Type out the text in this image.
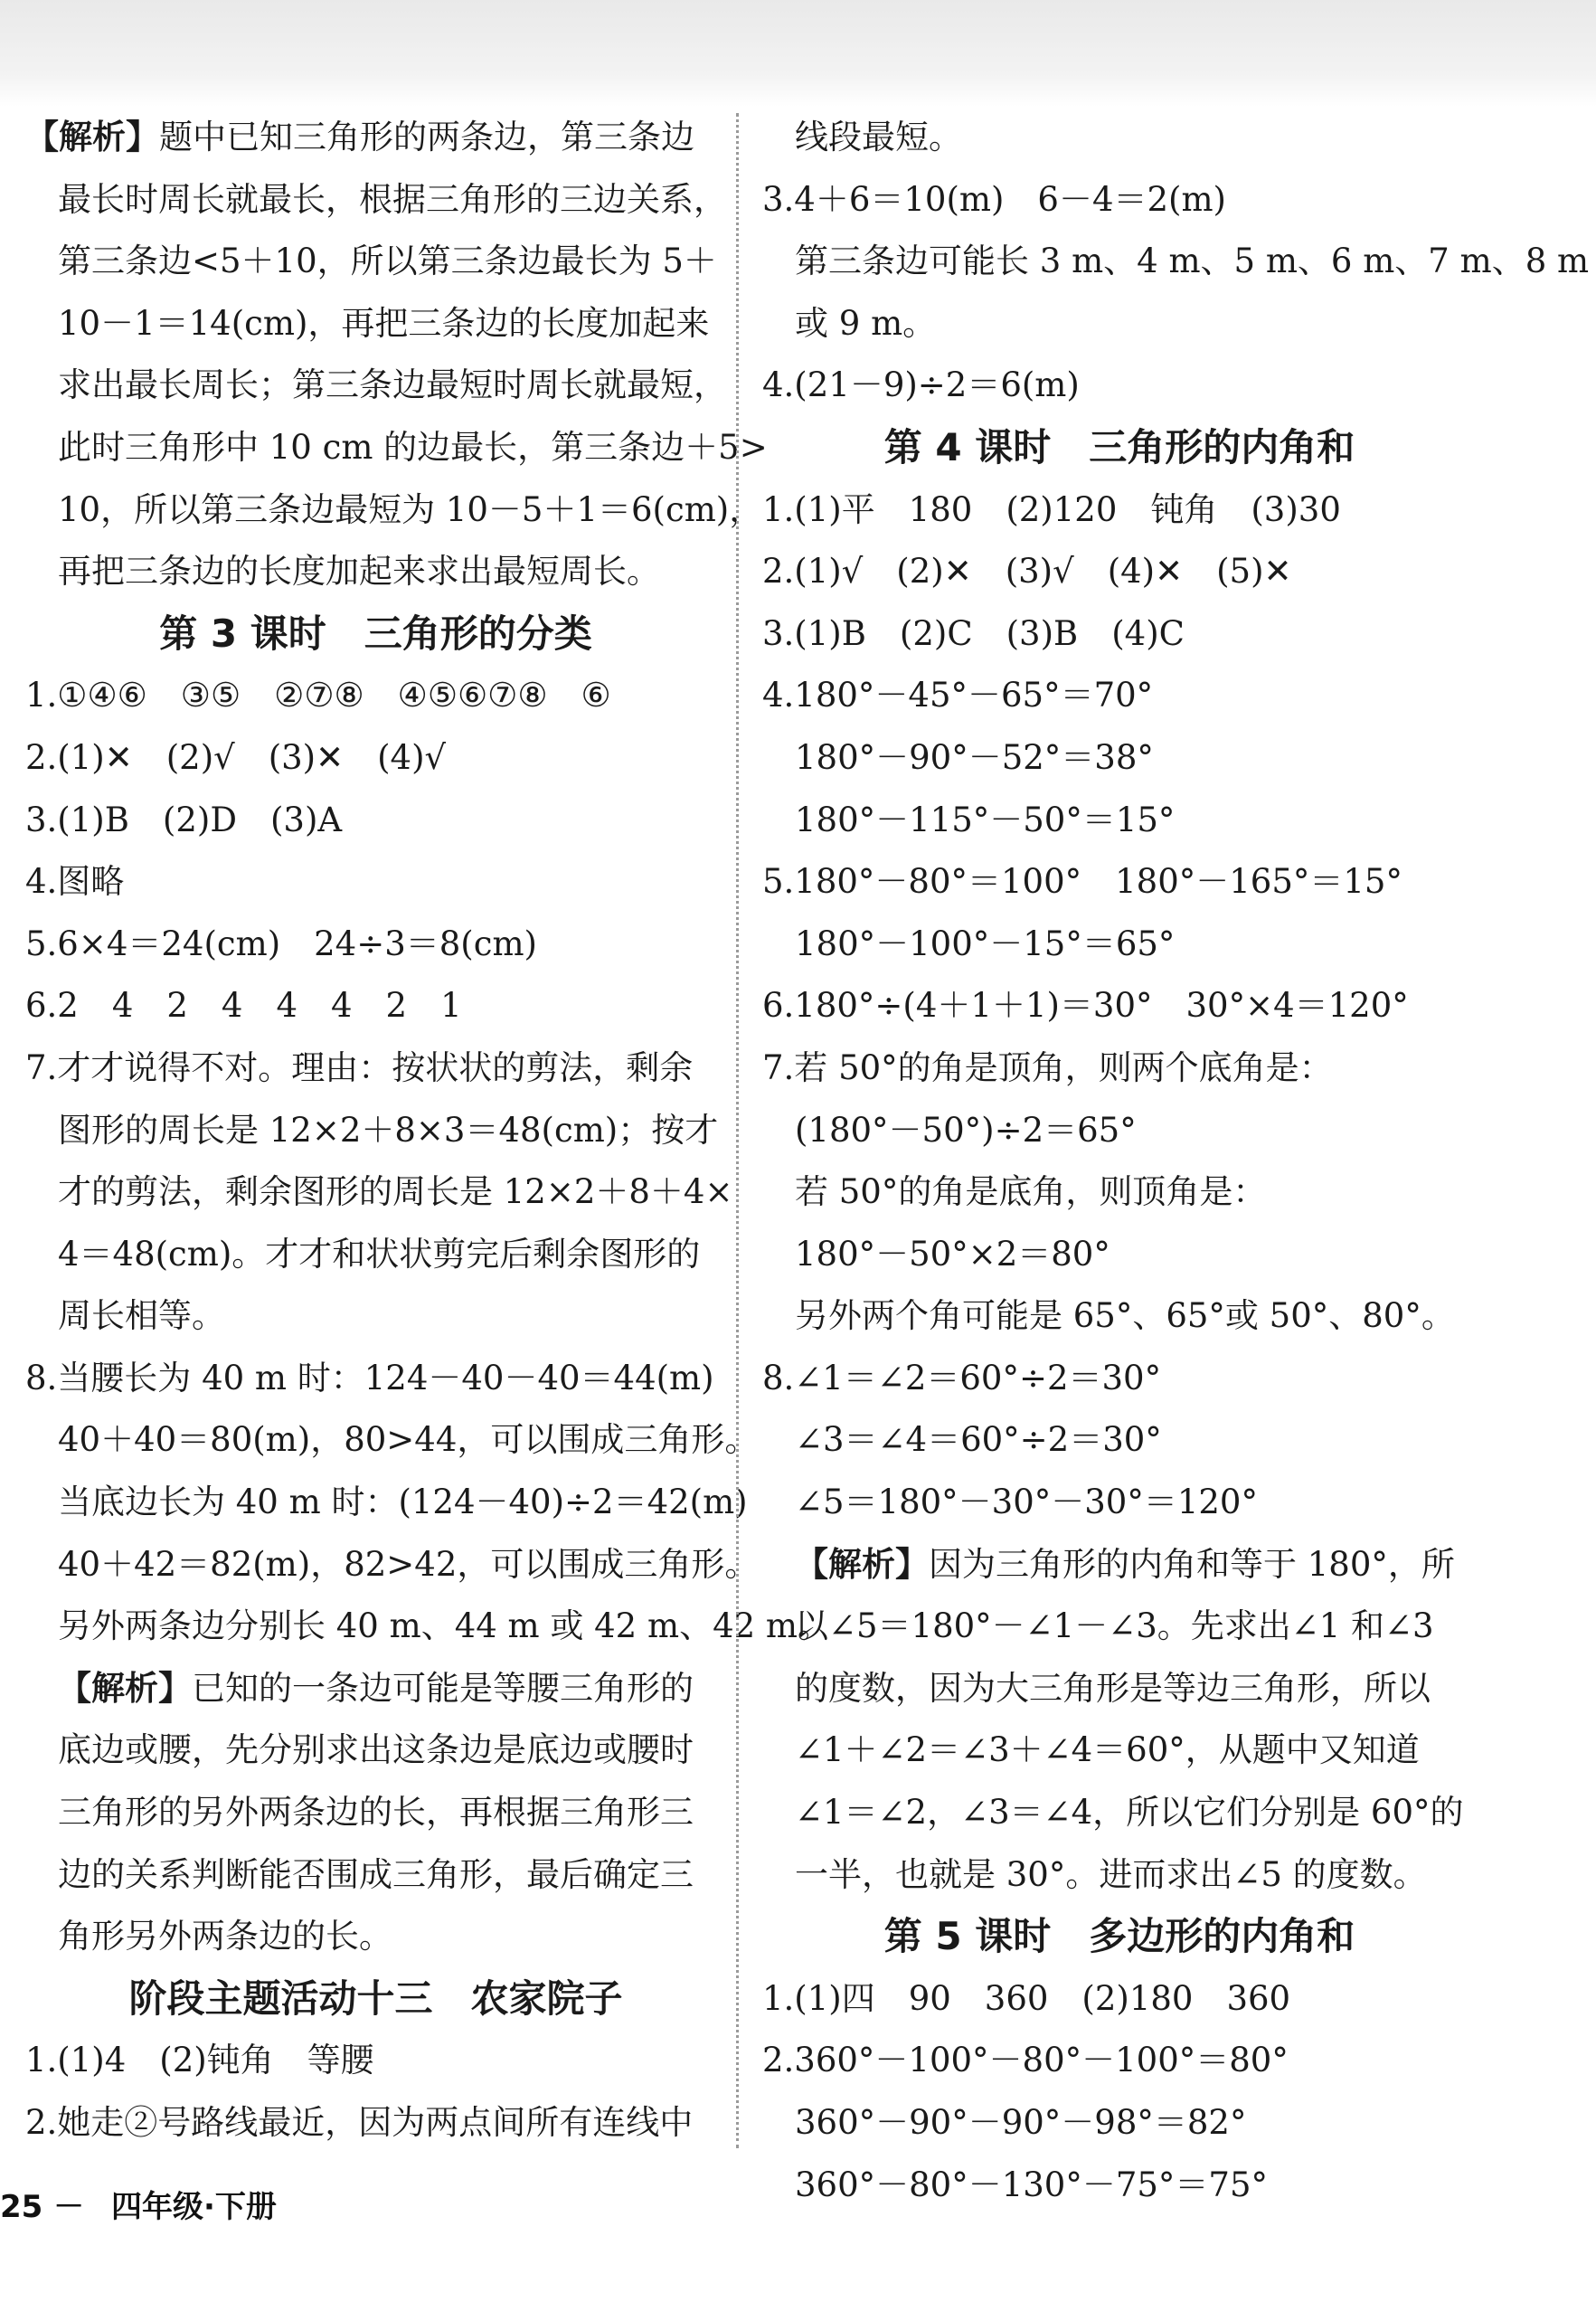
【解析】题中已知三角形的两条边，第三条边
最长时周长就最长，根据三角形的三边关系，
第三条边<5＋10，所以第三条边最长为 5＋
10－1＝14(cm)，再把三条边的长度加起来
求出最长周长；第三条边最短时周长就最短，
此时三角形中 10 cm 的边最长，第三条边＋5>
10，所以第三条边最短为 10－5＋1＝6(cm)，
再把三条边的长度加起来求出最短周长。
第 3 课时　三角形的分类
1.①④⑥　③⑤　②⑦⑧　④⑤⑥⑦⑧　⑥
2.(1)✕　(2)√　(3)✕　(4)√
3.(1)B　(2)D　(3)A
4.图略
5.6×4＝24(cm)　24÷3＝8(cm)
6.2　4　2　4　4　4　2　1
7.才才说得不对。理由：按状状的剪法，剩余
图形的周长是 12×2＋8×3＝48(cm)；按才
才的剪法，剩余图形的周长是 12×2＋8＋4×
4＝48(cm)。才才和状状剪完后剩余图形的
周长相等。
8.当腰长为 40 m 时：124－40－40＝44(m)
40＋40＝80(m)，80>44，可以围成三角形。
当底边长为 40 m 时：(124－40)÷2＝42(m)
40＋42＝82(m)，82>42，可以围成三角形。
另外两条边分别长 40 m、44 m 或 42 m、42 m。
【解析】已知的一条边可能是等腰三角形的
底边或腰，先分别求出这条边是底边或腰时
三角形的另外两条边的长，再根据三角形三
边的关系判断能否围成三角形，最后确定三
角形另外两条边的长。
阶段主题活动十三　农家院子
1.(1)4　(2)钝角　等腰
2.她走②号路线最近，因为两点间所有连线中
线段最短。
3.4＋6＝10(m)　6－4＝2(m)
第三条边可能长 3 m、4 m、5 m、6 m、7 m、8 m
或 9 m。
4.(21－9)÷2＝6(m)
第 4 课时　三角形的内角和
1.(1)平　180　(2)120　钝角　(3)30
2.(1)√　(2)✕　(3)√　(4)✕　(5)✕
3.(1)B　(2)C　(3)B　(4)C
4.180°－45°－65°＝70°
180°－90°－52°＝38°
180°－115°－50°＝15°
5.180°－80°＝100°　180°－165°＝15°
180°－100°－15°＝65°
6.180°÷(4＋1＋1)＝30°　30°×4＝120°
7.若 50°的角是顶角，则两个底角是：
(180°－50°)÷2＝65°
若 50°的角是底角，则顶角是：
180°－50°×2＝80°
另外两个角可能是 65°、65°或 50°、80°。
8.∠1＝∠2＝60°÷2＝30°
∠3＝∠4＝60°÷2＝30°
∠5＝180°－30°－30°＝120°
【解析】因为三角形的内角和等于 180°，所
以∠5＝180°－∠1－∠3。先求出∠1 和∠3
的度数，因为大三角形是等边三角形，所以
∠1＋∠2＝∠3＋∠4＝60°，从题中又知道
∠1＝∠2，∠3＝∠4，所以它们分别是 60°的
一半，也就是 30°。进而求出∠5 的度数。
第 5 课时　多边形的内角和
1.(1)四　90　360　(2)180　360
2.360°－100°－80°－100°＝80°
360°－90°－90°－98°＝82°
360°－80°－130°－75°＝75°
25 － 四年级·下册
